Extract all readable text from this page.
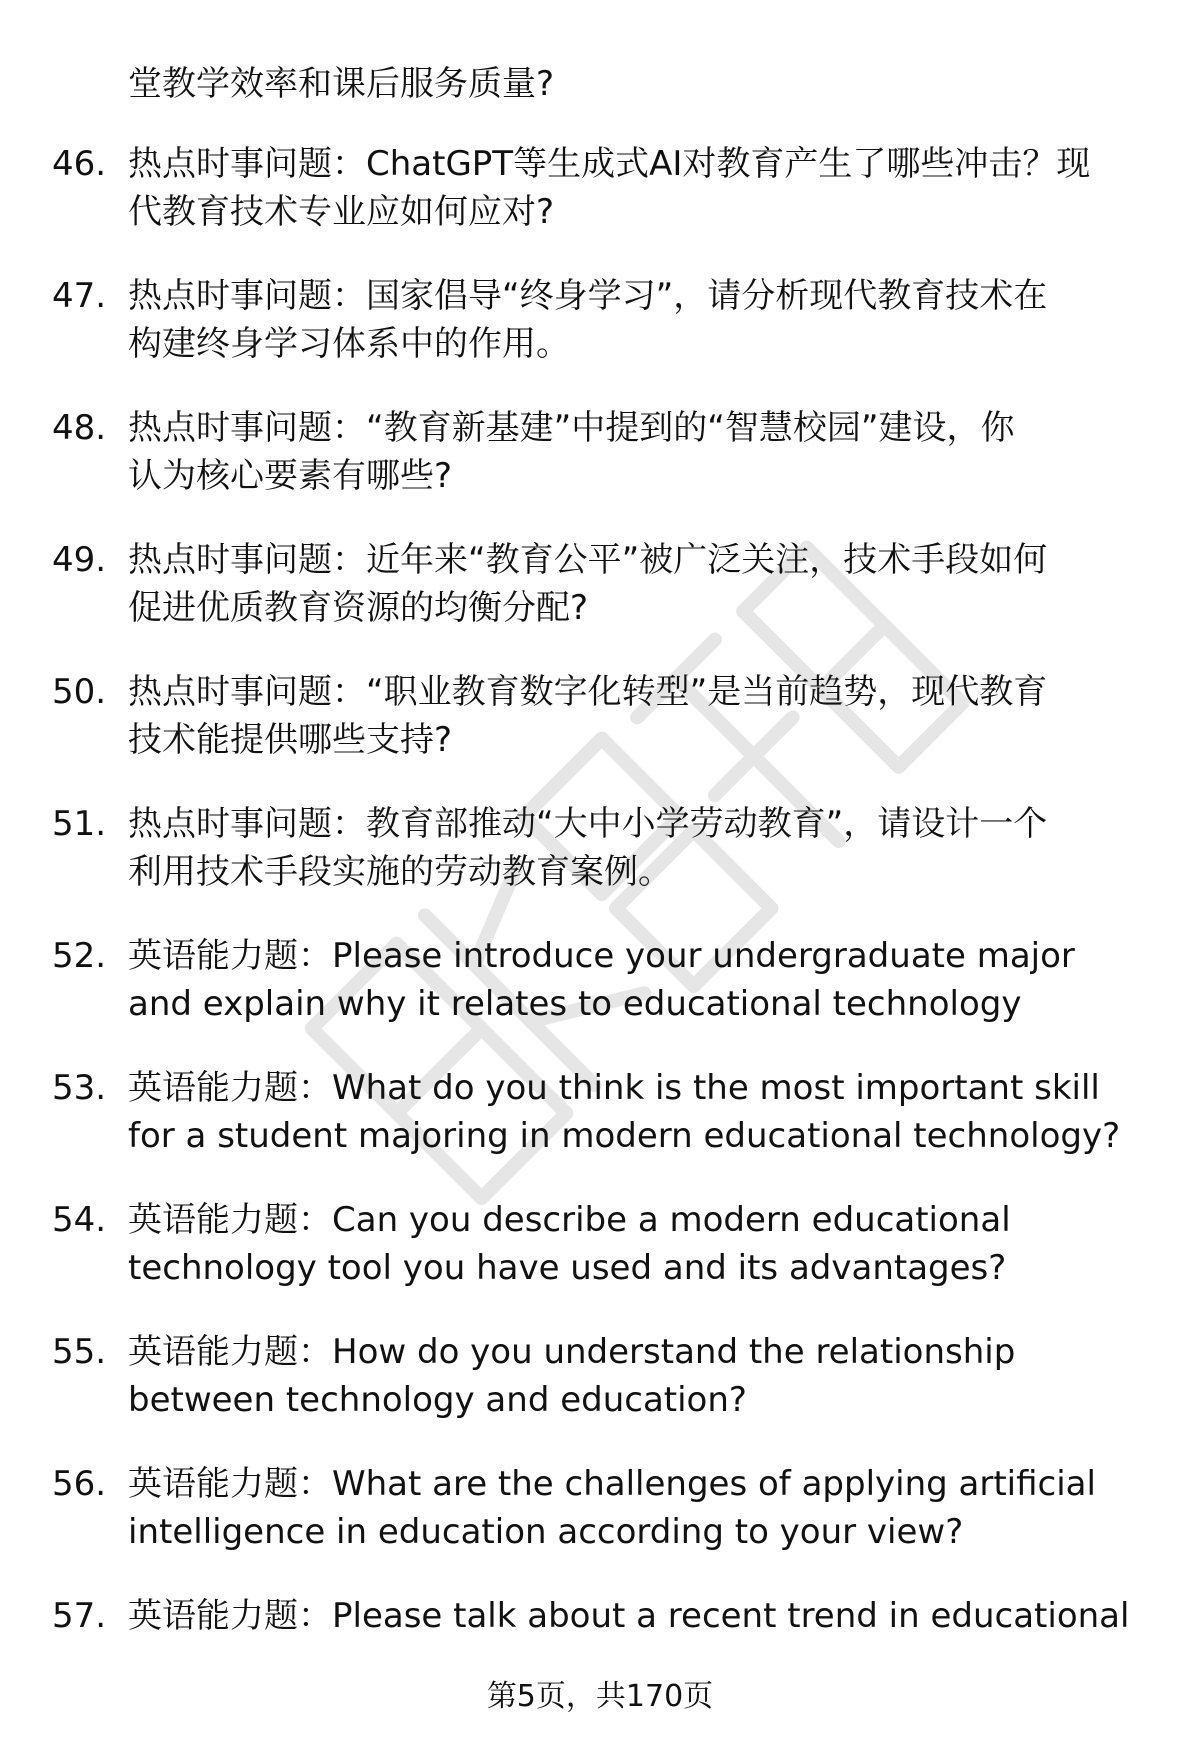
堂教学效率和课后服务质量?
46. 热点时事问题：ChatGPT等生成式AI对教育产生了哪些冲击？现
代教育技术专业应如何应对?
47. 热点时事问题：国家倡导“终身学习”，请分析现代教育技术在
构建终身学习体系中的作用。
48. 热点时事问题：“教育新基建”中提到的“智慧校园”建设，你
认为核心要素有哪些?
49. 热点时事问题：近年来“教育公平”被广泛关注，技术手段如何
促进优质教育资源的均衡分配?
50. 热点时事问题：“职业教育数字化转型”是当前趋势，现代教育
技术能提供哪些支持?
51. 热点时事问题：教育部推动“大中小学劳动教育”，请设计一个
利用技术手段实施的劳动教育案例。
52. 英语能力题：Please introduce your undergraduate major
and explain why it relates to educational technology
53. 英语能力题：What do you think is the most important skill
for a student majoring in modern educational technology?
54. 英语能力题：Can you describe a modern educational
technology tool you have used and its advantages?
55. 英语能力题：How do you understand the relationship
between technology and education?
56. 英语能力题：What are the challenges of applying artificial
intelligence in education according to your view?
57. 英语能力题：Please talk about a recent trend in educational
第5页，共170页
